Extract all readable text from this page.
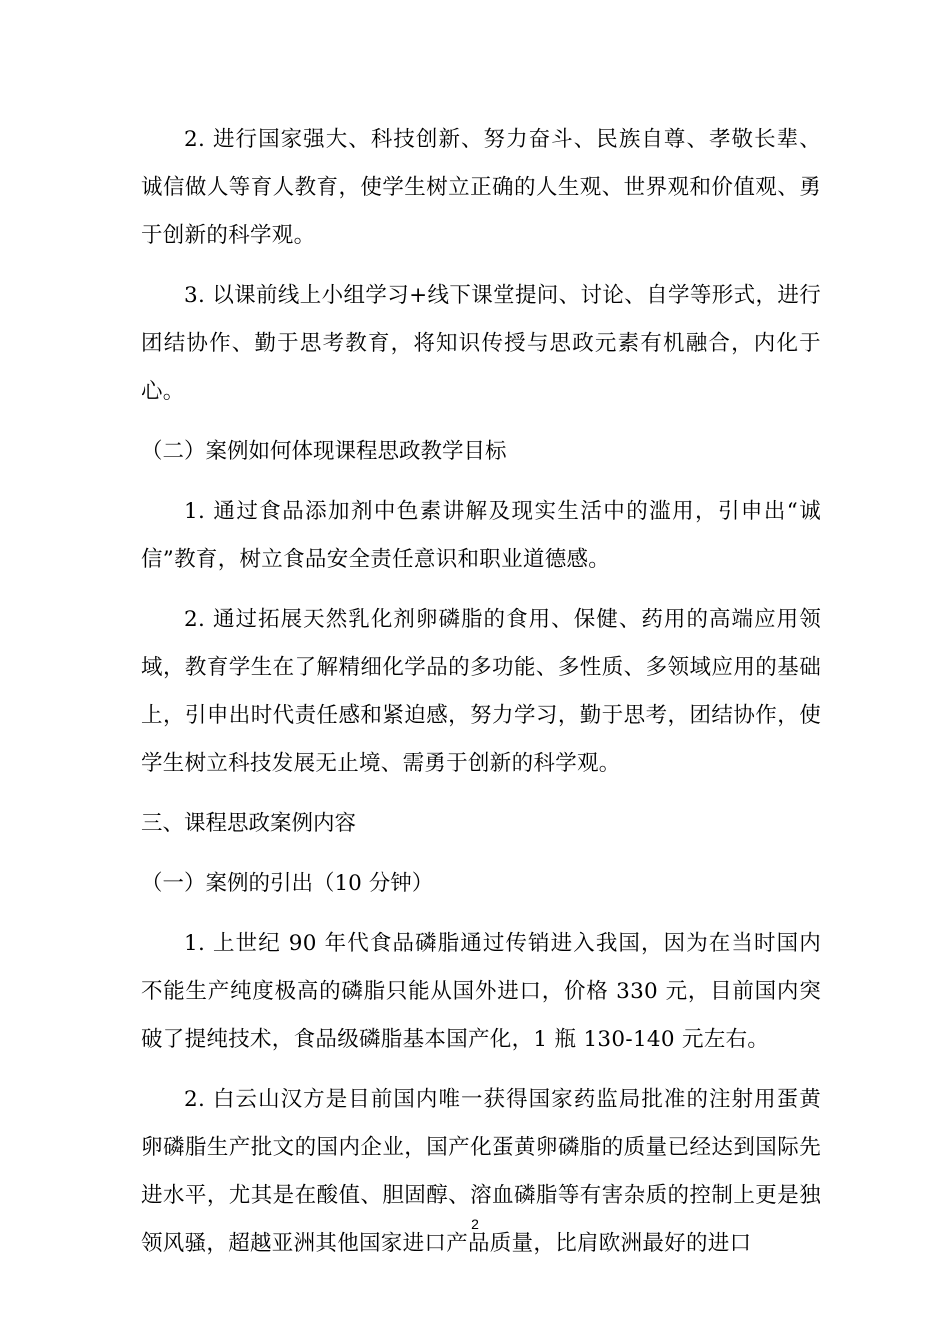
2. 进行国家强大、科技创新、努力奋斗、民族自尊、孝敬长辈、诚信做人等育人教育，使学生树立正确的人生观、世界观和价值观、勇于创新的科学观。

3. 以课前线上小组学习+线下课堂提问、讨论、自学等形式，进行团结协作、勤于思考教育，将知识传授与思政元素有机融合，内化于心。

（二）案例如何体现课程思政教学目标

1. 通过食品添加剂中色素讲解及现实生活中的滥用，引申出“诚信”教育，树立食品安全责任意识和职业道德感。

2. 通过拓展天然乳化剂卵磷脂的食用、保健、药用的高端应用领域，教育学生在了解精细化学品的多功能、多性质、多领域应用的基础上，引申出时代责任感和紧迫感，努力学习，勤于思考，团结协作，使学生树立科技发展无止境、需勇于创新的科学观。

三、课程思政案例内容

（一）案例的引出（10 分钟）

1. 上世纪 90 年代食品磷脂通过传销进入我国，因为在当时国内不能生产纯度极高的磷脂只能从国外进口，价格 330 元，目前国内突破了提纯技术，食品级磷脂基本国产化，1 瓶 130-140 元左右。

2. 白云山汉方是目前国内唯一获得国家药监局批准的注射用蛋黄卵磷脂生产批文的国内企业，国产化蛋黄卵磷脂的质量已经达到国际先进水平，尤其是在酸值、胆固醇、溶血磷脂等有害杂质的控制上更是独领风骚，超越亚洲其他国家进口产品质量，比肩欧洲最好的进口

2
